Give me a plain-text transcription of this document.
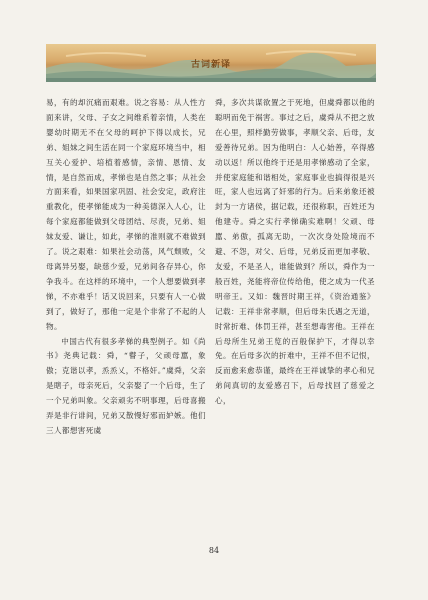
古词新译

易，有的却沉痛而艰难。说之容易：从人性方面来讲，父母、子女之间维系着亲情，人类在婴幼时期无不在父母的呵护下得以成长，兄弟、姐妹之间生活在同一个家庭环境当中，相互关心爱护、培植着感情，亲情、恩情、友情，是自然而成，孝悌也是自然之事；从社会方面来看，如果国家巩固、社会安定，政府注重教化，使孝悌能成为一种美德深入人心，让每个家庭都能做到父母团结、尽责，兄弟、姐妹友爱、谦让，如此，孝悌的准则就不难做到了。说之艰难：如果社会动荡，风气颓败，父母离异另娶，缺慈少爱，兄弟间各存异心，你争我斗。在这样的环境中，一个人想要做到孝悌，不亦难乎！话又说回来，只要有人一心做到了，做好了，那他一定是个非常了不起的人物。

中国古代有很多孝悌的典型例子。如《尚书》尧典记载：舜，“瞽子，父顽母嚚，象傲；克谐以孝，烝烝乂，不格奸。”虞舜，父亲是瞎子，母亲死后，父亲娶了一个后母，生了一个兄弟叫象。父亲顽劣不明事理，后母喜搬弄是非行诽间，兄弟又散慢好邪而妒嫉。他们三人都想害死虞

舜，多次共谋欲置之于死地，但虞舜都以他的聪明而免于祸害。事过之后，虞舜从不把之放在心里，照样勤劳做事，孝顺父亲、后母，友爱善待兄弟。因为他明白：人心始善，卒得感动以返！所以他终于还是用孝悌感动了全家，并使家庭能和谐相处，家庭事业也搞得很是兴旺，家人也远离了奸邪的行为。后来弟象还被封为一方诸侯，据记载，还很称职，百姓还为他建寺。舜之实行孝悌确实难啊！父顽、母嚚、弟傲，孤离无助，一次次身处险境而不避、不怨，对父、后母，兄弟反而更加孝敬、友爱，不是圣人，谁能做到？所以，舜作为一般百姓，尧能将帝位传给他，使之成为一代圣明帝王。又如：魏晋时期王祥，《资治通鉴》记载：王祥非常孝顺，但后母朱氏遇之无道，时常折难、体罚王祥，甚至想毒害他。王祥在后母所生兄弟王览的百般保护下，才得以幸免。在后母多次的折难中，王祥不但不记恨，反而愈来愈恭谨，最终在王祥诚挚的孝心和兄弟间真切的友爱感召下，后母找回了慈爱之心，

84
